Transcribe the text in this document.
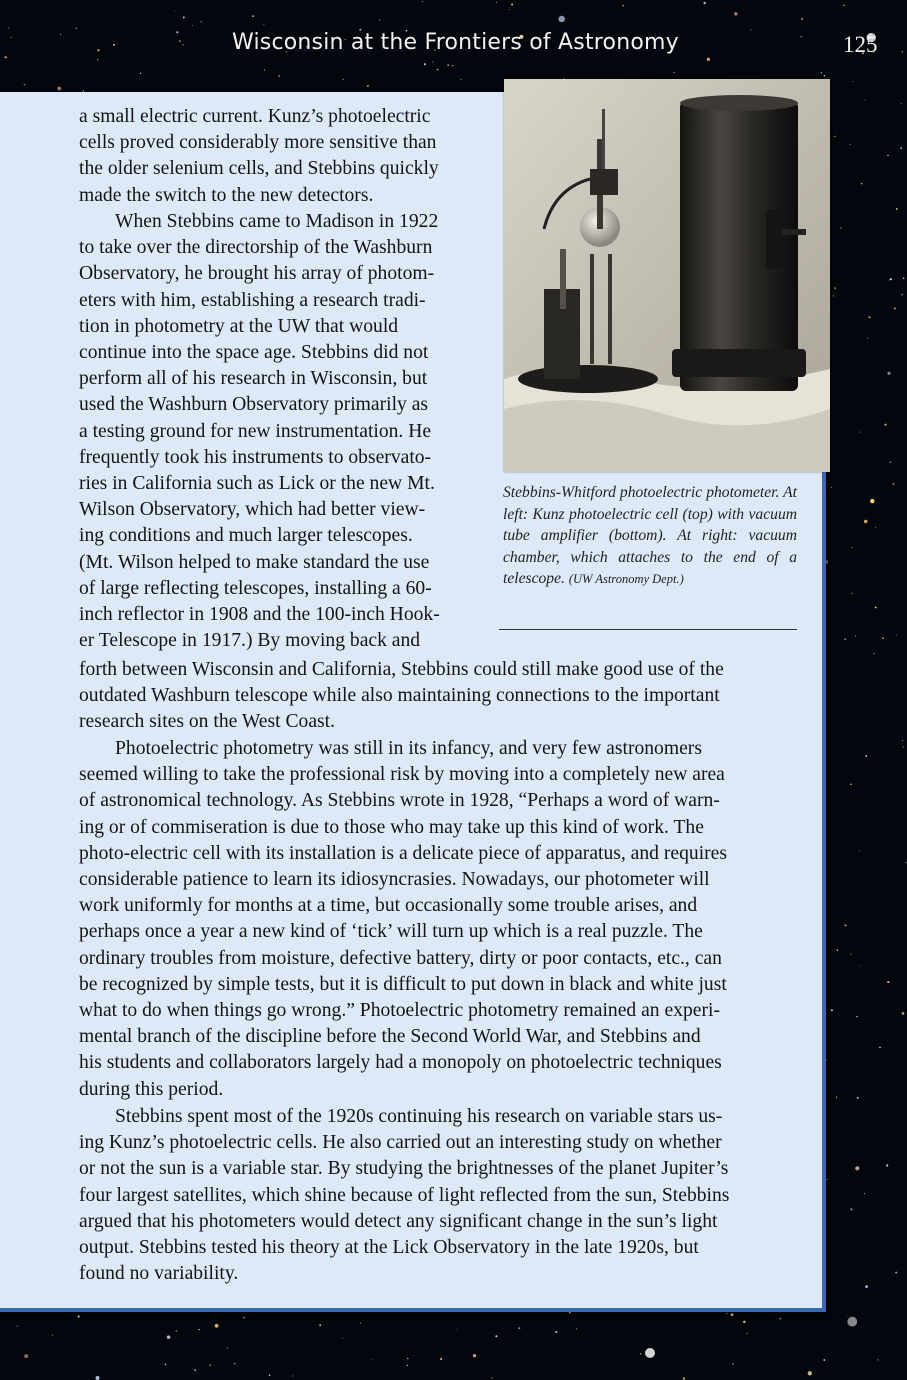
Wisconsin at the Frontiers of Astronomy	125

a small electric current. Kunz’s photoelectric
cells proved considerably more sensitive than
the older selenium cells, and Stebbins quickly
made the switch to the new detectors.

When Stebbins came to Madison in 1922
to take over the directorship of the Washburn
Observatory, he brought his array of photom-
eters with him, establishing a research tradi-
tion in photometry at the UW that would
continue into the space age. Stebbins did not
perform all of his research in Wisconsin, but
used the Washburn Observatory primarily as
a testing ground for new instrumentation. He
frequently took his instruments to observato-
ries in California such as Lick or the new Mt.
Wilson Observatory, which had better view-
ing conditions and much larger telescopes.
(Mt. Wilson helped to make standard the use
of large reflecting telescopes, installing a 60-
inch reflector in 1908 and the 100-inch Hook-
er Telescope in 1917.) By moving back and

forth between Wisconsin and California, Stebbins could still make good use of the
outdated Washburn telescope while also maintaining connections to the important
research sites on the West Coast.

Photoelectric photometry was still in its infancy, and very few astronomers
seemed willing to take the professional risk by moving into a completely new area
of astronomical technology. As Stebbins wrote in 1928, “Perhaps a word of warn-
ing or of commiseration is due to those who may take up this kind of work. The
photo-electric cell with its installation is a delicate piece of apparatus, and requires
considerable patience to learn its idiosyncrasies. Nowadays, our photometer will
work uniformly for months at a time, but occasionally some trouble arises, and
perhaps once a year a new kind of ‘tick’ will turn up which is a real puzzle. The
ordinary troubles from moisture, defective battery, dirty or poor contacts, etc., can
be recognized by simple tests, but it is difficult to put down in black and white just
what to do when things go wrong.” Photoelectric photometry remained an experi-
mental branch of the discipline before the Second World War, and Stebbins and
his students and collaborators largely had a monopoly on photoelectric techniques
during this period.

Stebbins spent most of the 1920s continuing his research on variable stars us-
ing Kunz’s photoelectric cells. He also carried out an interesting study on whether
or not the sun is a variable star. By studying the brightnesses of the planet Jupiter’s
four largest satellites, which shine because of light reflected from the sun, Stebbins
argued that his photometers would detect any significant change in the sun’s light
output. Stebbins tested his theory at the Lick Observatory in the late 1920s, but
found no variability.

Stebbins-Whitford photoelectric photometer. At left: Kunz photoelectric cell (top) with vacuum tube amplifier (bottom). At right: vacuum chamber, which attaches to the end of a telescope. (UW Astronomy Dept.)
